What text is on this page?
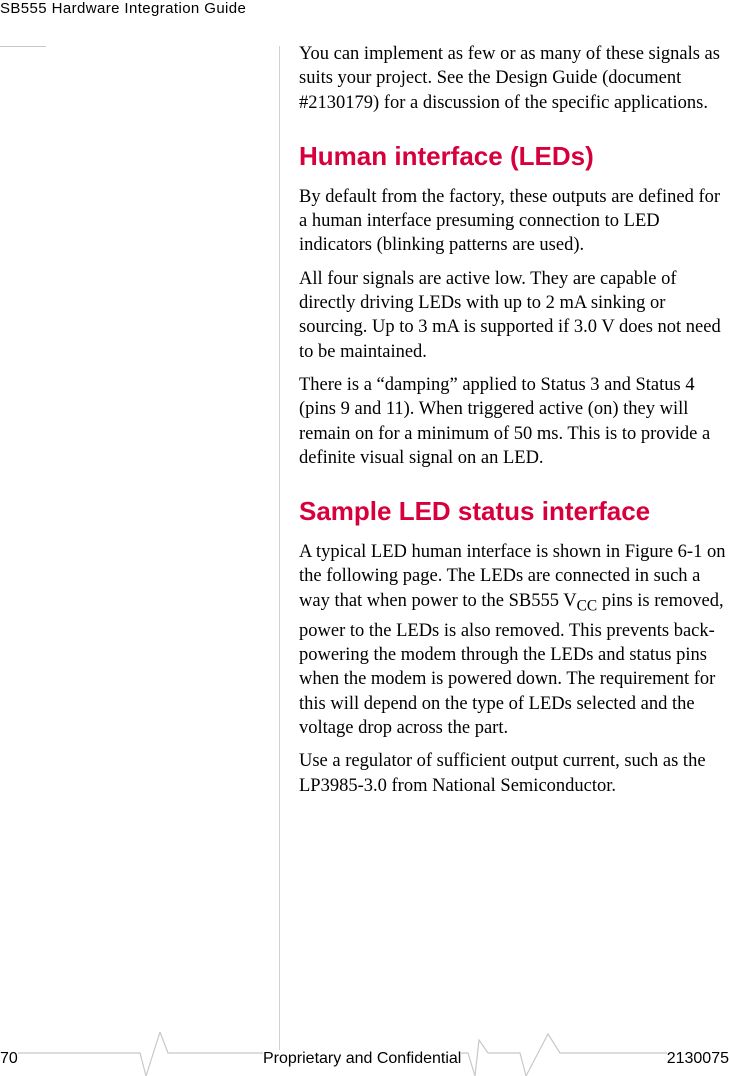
SB555 Hardware Integration Guide

You can implement as few or as many of these signals as suits your project. See the Design Guide (document #2130179) for a discussion of the specific applications.

Human interface (LEDs)

By default from the factory, these outputs are defined for a human interface presuming connection to LED indicators (blinking patterns are used).

All four signals are active low. They are capable of directly driving LEDs with up to 2 mA sinking or sourcing. Up to 3 mA is supported if 3.0 V does not need to be maintained.

There is a “damping” applied to Status 3 and Status 4 (pins 9 and 11). When triggered active (on) they will remain on for a minimum of 50 ms. This is to provide a definite visual signal on an LED.

Sample LED status interface

A typical LED human interface is shown in Figure 6-1 on the following page. The LEDs are connected in such a way that when power to the SB555 $V_{CC}$ pins is removed, power to the LEDs is also removed. This prevents back-powering the modem through the LEDs and status pins when the modem is powered down. The requirement for this will depend on the type of LEDs selected and the voltage drop across the part.

Use a regulator of sufficient output current, such as the LP3985-3.0 from National Semiconductor.

70	Proprietary and Confidential	2130075
